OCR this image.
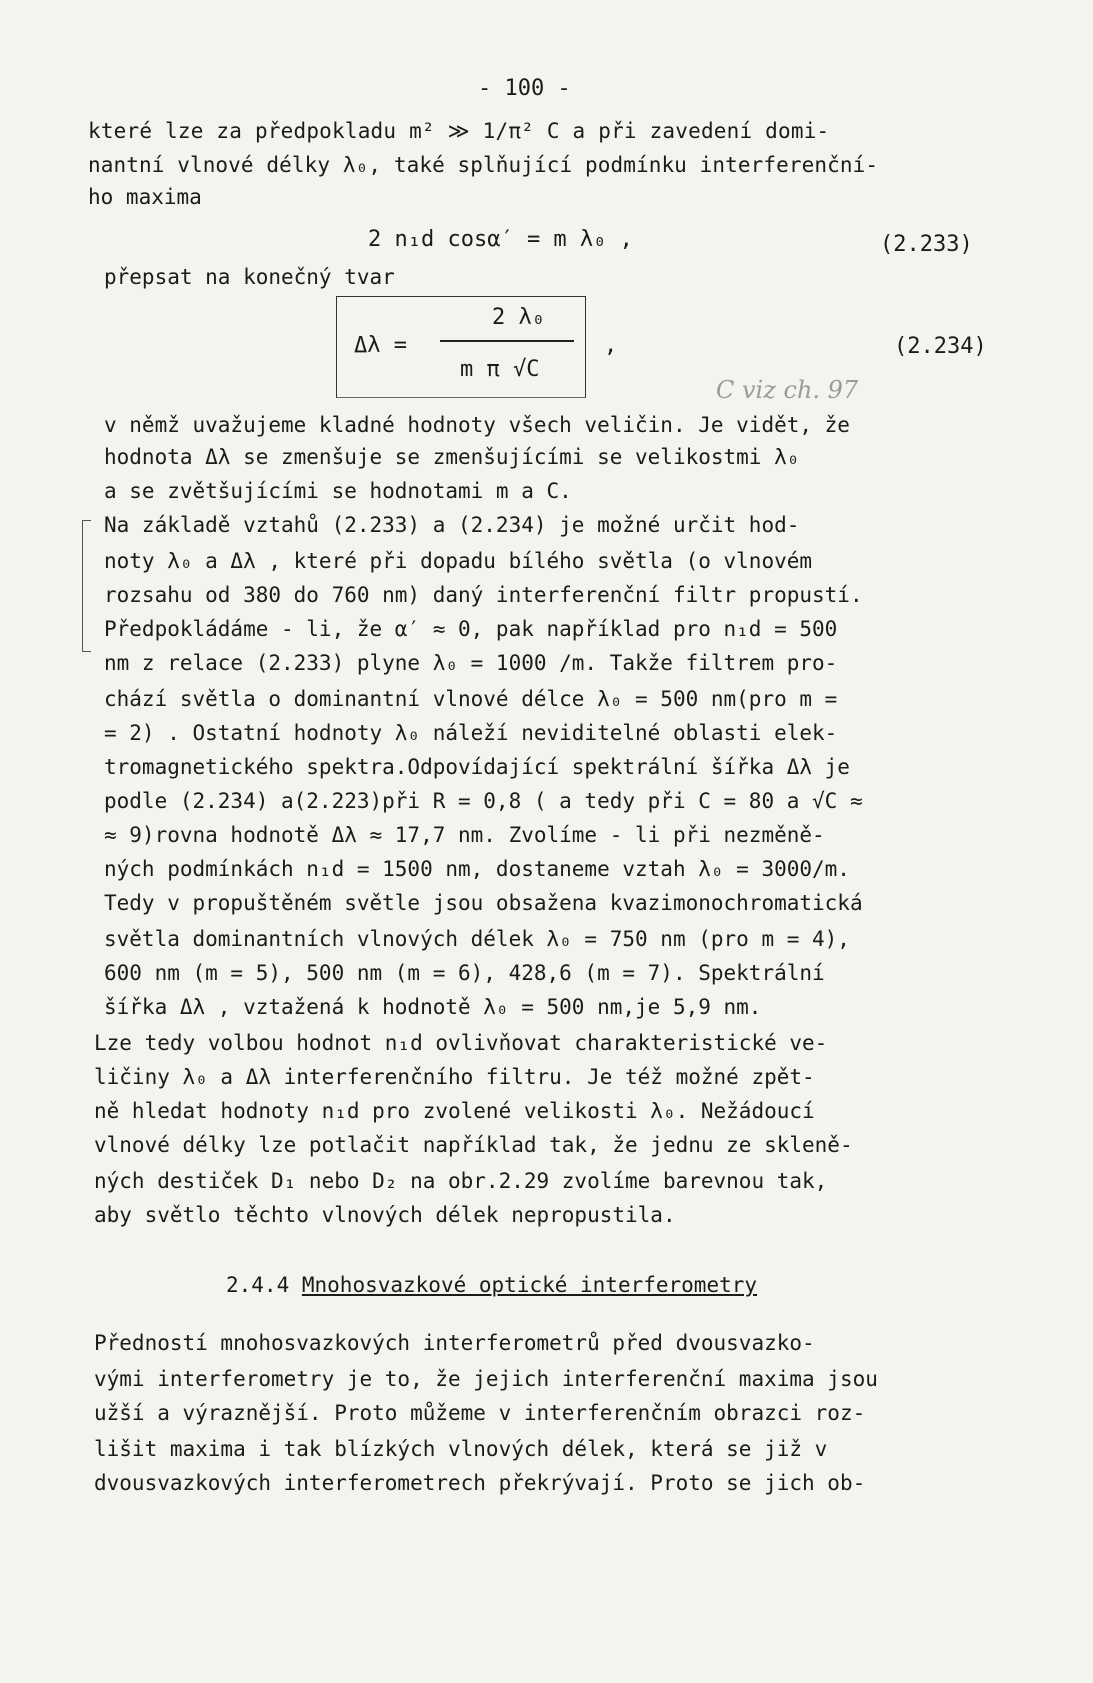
- 100 -
které lze za předpokladu m² ≫ 1/π² C a při zavedení domi-
nantní vlnové délky λ₀, také splňující podmínku interferenční-
ho maxima
2 n₁d cosα′ = m λ₀ ,	(2.233)
přepsat na konečný tvar
Δλ =
2 λ₀
m π √C
,	(2.234)
C viz ch. 97
v němž uvažujeme kladné hodnoty všech veličin. Je vidět, že
hodnota Δλ se zmenšuje se zmenšujícími se velikostmi λ₀
a se zvětšujícími se hodnotami m a C.
Na základě vztahů (2.233) a (2.234) je možné určit hod-
noty λ₀ a Δλ , které při dopadu bílého světla (o vlnovém
rozsahu od 380 do 760 nm) daný interferenční filtr propustí.
Předpokládáme - li, že α′ ≈ 0, pak například pro n₁d = 500
nm z relace (2.233) plyne λ₀ = 1000 /m. Takže filtrem pro-
chází světla o dominantní vlnové délce λ₀ = 500 nm(pro m =
= 2) . Ostatní hodnoty λ₀ náleží neviditelné oblasti elek-
tromagnetického spektra.Odpovídající spektrální šířka Δλ je
podle (2.234) a(2.223)při R = 0,8 ( a tedy při C = 80 a √C ≈
≈ 9)rovna hodnotě Δλ ≈ 17,7 nm. Zvolíme - li při nezměně-
ných podmínkách n₁d = 1500 nm, dostaneme vztah λ₀ = 3000/m.
Tedy v propuštěném světle jsou obsažena kvazimonochromatická
světla dominantních vlnových délek λ₀ = 750 nm (pro m = 4),
600 nm (m = 5), 500 nm (m = 6), 428,6 (m = 7). Spektrální
šířka Δλ , vztažená k hodnotě λ₀ = 500 nm,je 5,9 nm.
Lze tedy volbou hodnot n₁d ovlivňovat charakteristické ve-
ličiny λ₀ a Δλ interferenčního filtru. Je též možné zpět-
ně hledat hodnoty n₁d pro zvolené velikosti λ₀. Nežádoucí
vlnové délky lze potlačit například tak, že jednu ze skleně-
ných destiček D₁ nebo D₂ na obr.2.29 zvolíme barevnou tak,
aby světlo těchto vlnových délek nepropustila.
2.4.4 Mnohosvazkové optické interferometry
Předností mnohosvazkových interferometrů před dvousvazko-
vými interferometry je to, že jejich interferenční maxima jsou
užší a výraznější. Proto můžeme v interferenčním obrazci roz-
lišit maxima i tak blízkých vlnových délek, která se již v
dvousvazkových interferometrech překrývají. Proto se jich ob-
